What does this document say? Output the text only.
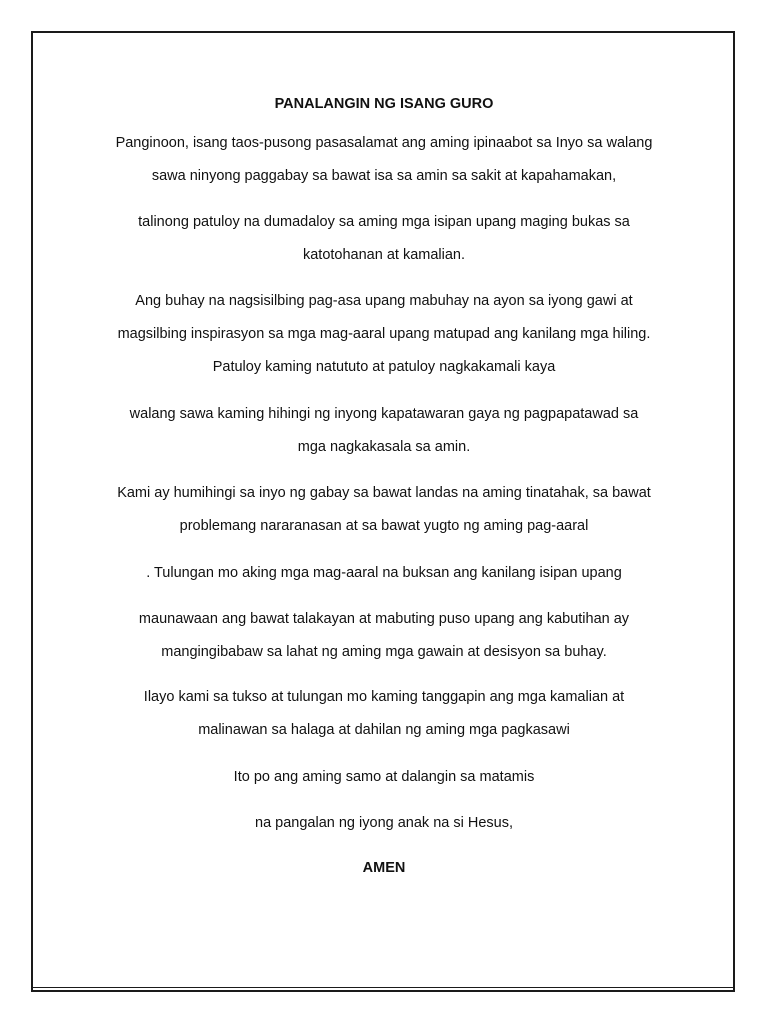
PANALANGIN NG ISANG GURO
Panginoon, isang taos-pusong pasasalamat ang aming ipinaabot sa Inyo sa walang
sawa ninyong paggabay sa bawat isa sa amin sa sakit at kapahamakan,
talinong patuloy na dumadaloy sa aming mga isipan upang maging bukas sa
katotohanan at kamalian.
Ang buhay na nagsisilbing pag-asa upang mabuhay na ayon sa iyong gawi at
magsilbing inspirasyon sa mga mag-aaral upang matupad ang kanilang mga hiling.
Patuloy kaming natututo at patuloy nagkakamali kaya
walang sawa kaming hihingi ng inyong kapatawaran gaya ng pagpapatawad sa
mga nagkakasala sa amin.
Kami ay humihingi sa inyo ng gabay sa bawat landas na aming tinatahak, sa bawat
problemang nararanasan at sa bawat yugto ng aming pag-aaral
. Tulungan mo aking mga mag-aaral na buksan ang kanilang isipan upang
maunawaan ang bawat talakayan at mabuting puso upang ang kabutihan ay
mangingibabaw sa lahat ng aming mga gawain at desisyon sa buhay.
Ilayo kami sa tukso at tulungan mo kaming tanggapin ang mga kamalian at
malinawan sa halaga at dahilan ng aming mga pagkasawi
Ito po ang aming samo at dalangin sa matamis
na pangalan ng iyong anak na si Hesus,
AMEN
